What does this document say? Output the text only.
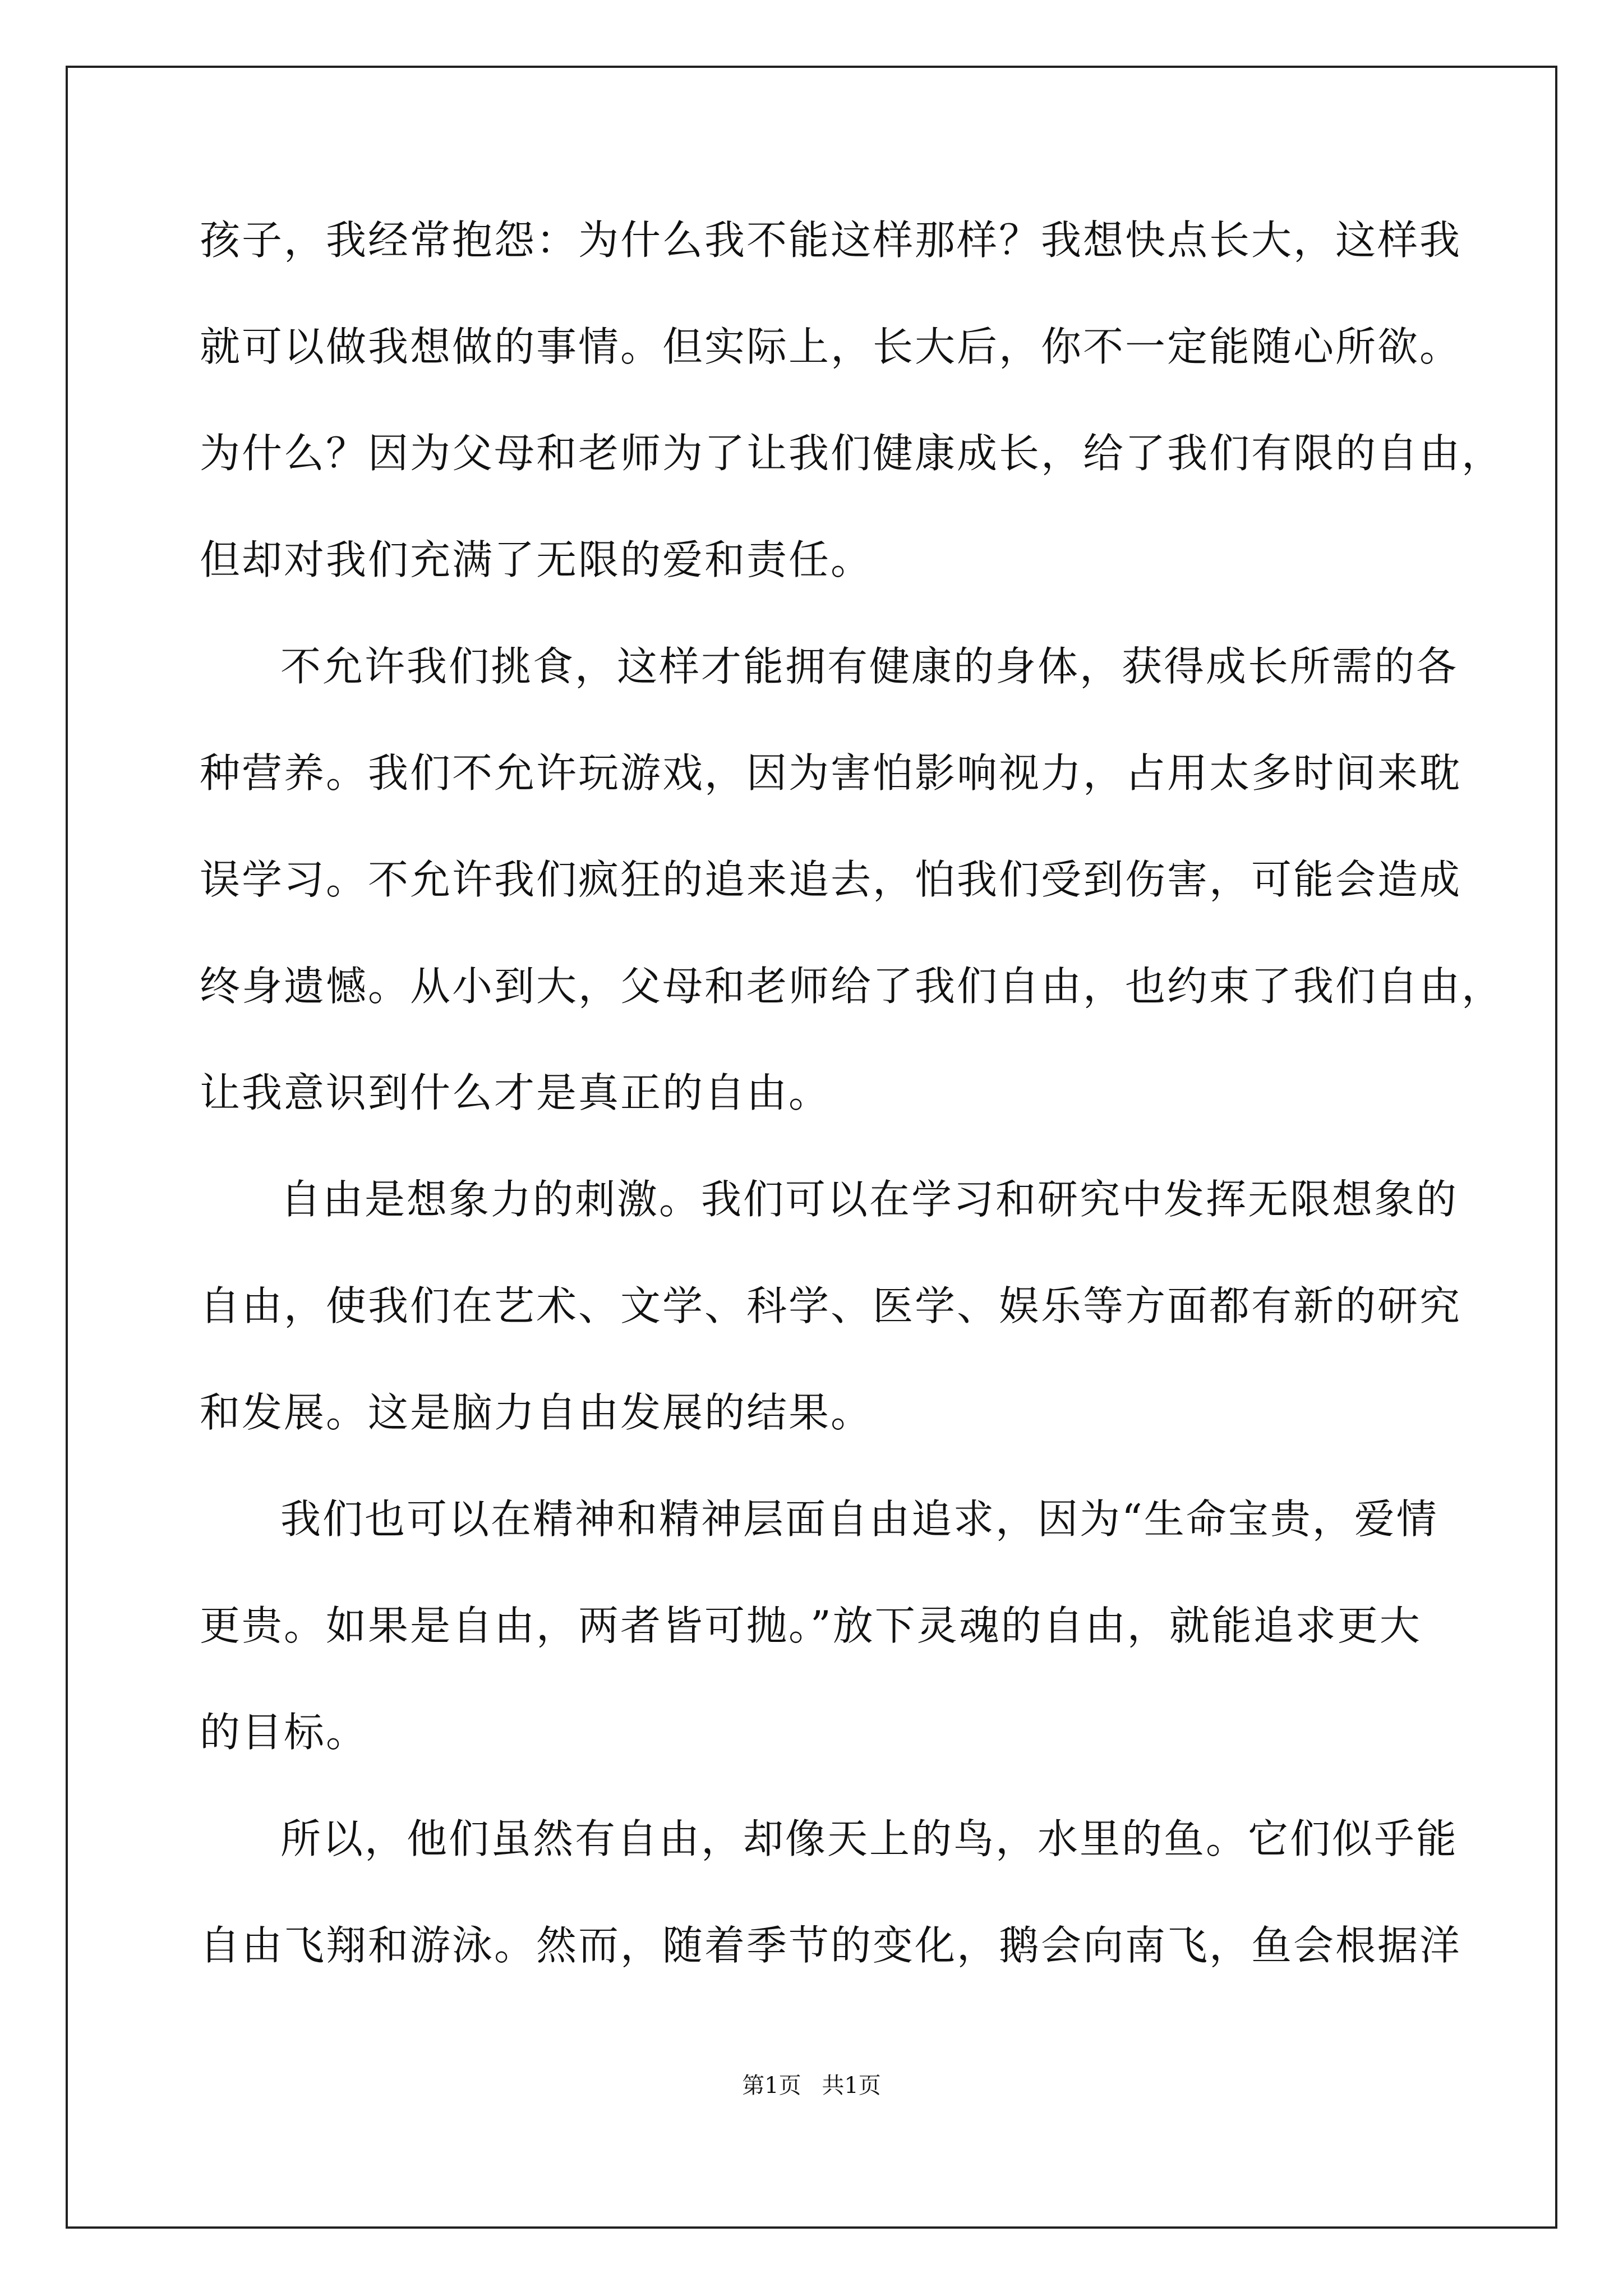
孩子，我经常抱怨：为什么我不能这样那样？我想快点长大，这样我
就可以做我想做的事情。但实际上，长大后，你不一定能随心所欲。
为什么？因为父母和老师为了让我们健康成长，给了我们有限的自由，
但却对我们充满了无限的爱和责任。
不允许我们挑食，这样才能拥有健康的身体，获得成长所需的各
种营养。我们不允许玩游戏，因为害怕影响视力，占用太多时间来耽
误学习。不允许我们疯狂的追来追去，怕我们受到伤害，可能会造成
终身遗憾。从小到大，父母和老师给了我们自由，也约束了我们自由，
让我意识到什么才是真正的自由。
自由是想象力的刺激。我们可以在学习和研究中发挥无限想象的
自由，使我们在艺术、文学、科学、医学、娱乐等方面都有新的研究
和发展。这是脑力自由发展的结果。
我们也可以在精神和精神层面自由追求，因为“生命宝贵，爱情
更贵。如果是自由，两者皆可抛。”放下灵魂的自由，就能追求更大
的目标。
所以，他们虽然有自由，却像天上的鸟，水里的鱼。它们似乎能
自由飞翔和游泳。然而，随着季节的变化，鹅会向南飞，鱼会根据洋
第1页 共1页
